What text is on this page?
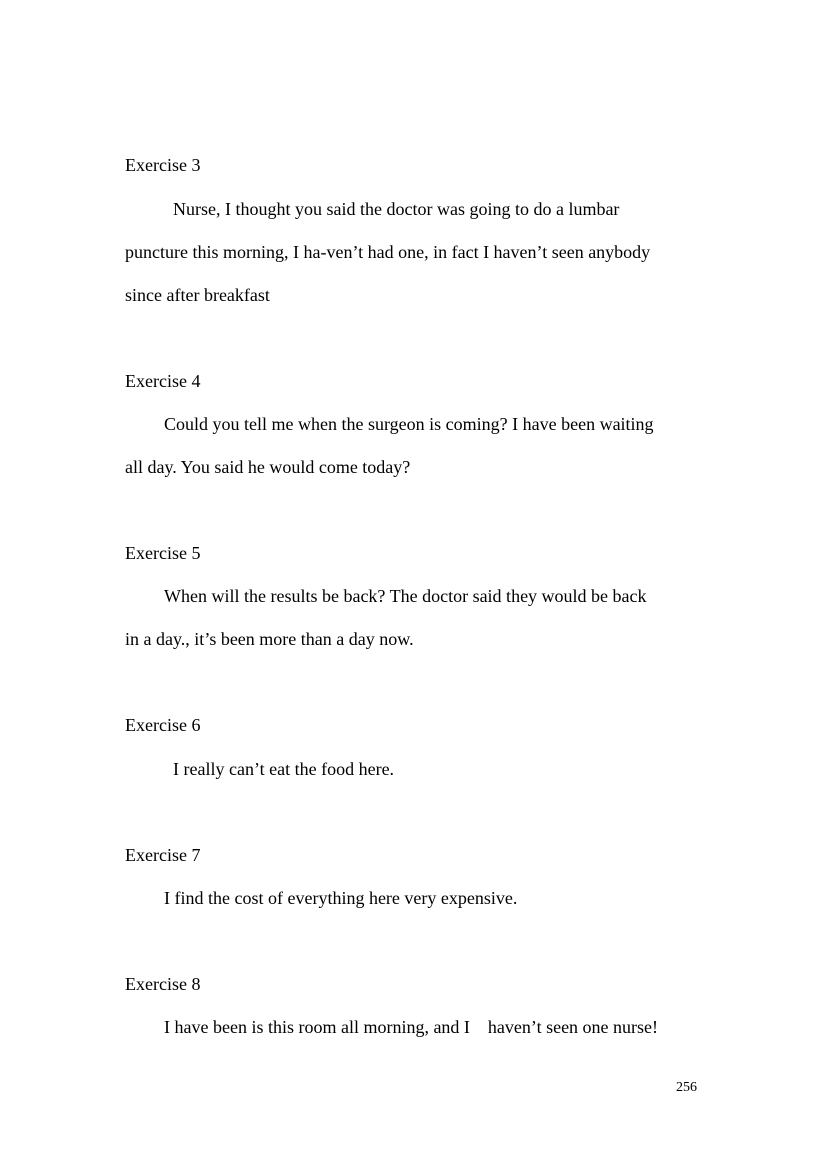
Exercise 3
Nurse, I thought you said the doctor was going to do a lumbar
puncture this morning, I ha-ven’t had one, in fact I haven’t seen anybody
since after breakfast
Exercise 4
Could you tell me when the surgeon is coming? I have been waiting
all day. You said he would come today?
Exercise 5
When will the results be back? The doctor said they would be back
in a day., it’s been more than a day now.
Exercise 6
I really can’t eat the food here.
Exercise 7
I find the cost of everything here very expensive.
Exercise 8
I have been is this room all morning, and I    haven’t seen one nurse!
256
